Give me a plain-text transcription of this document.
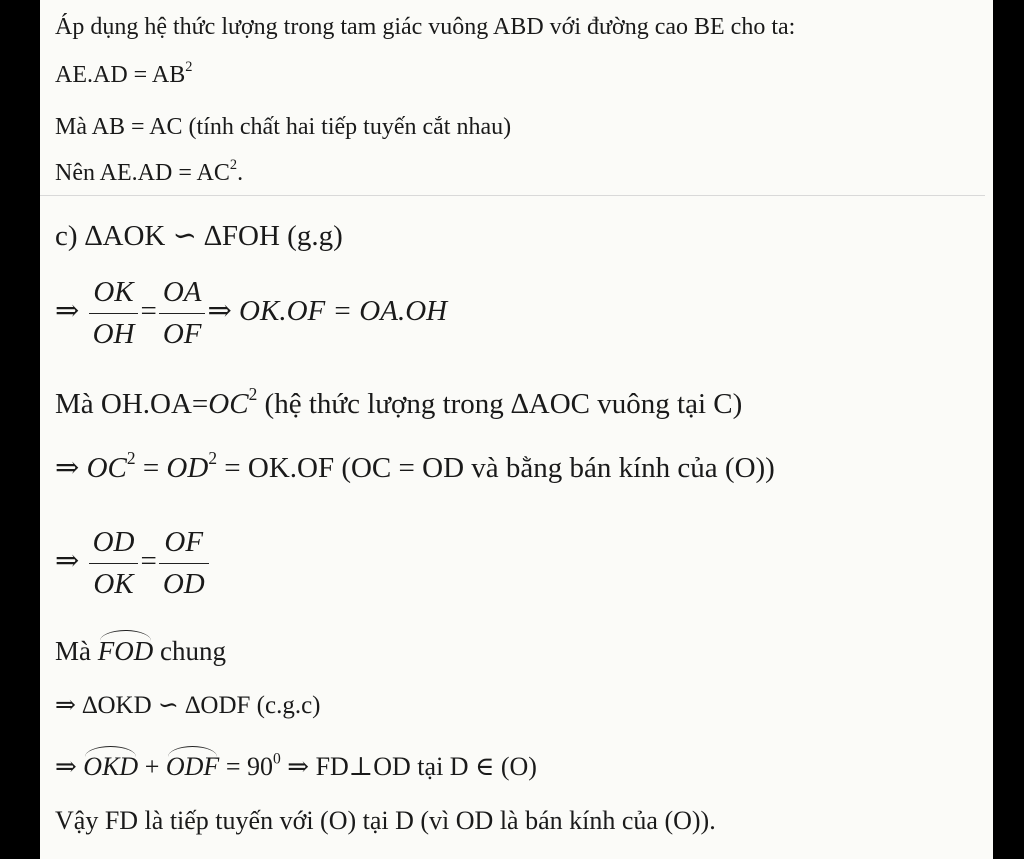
Áp dụng hệ thức lượng trong tam giác vuông ABD với đường cao BE cho ta:
$AE.AD = AB^2$
Mà AB = AC (tính chất hai tiếp tuyến cắt nhau)
Nên $AE.AD = AC^2$.
c) ∆AOK ∽ ∆FOH (g.g)
⇒ $\frac{OK}{OH} = \frac{OA}{OF}$ ⇒ OK.OF = OA.OH
Mà $OH.OA=OC^2$ (hệ thức lượng trong ∆AOC vuông tại C)
⇒ $OC^2 = OD^2 = OK.OF$ (OC = OD và bằng bán kính của (O))
⇒ $\frac{OD}{OK} = \frac{OF}{OD}$
Mà FOD chung
⇒ ∆OKD ∽ ∆ODF (c.g.c)
⇒ OKD + ODF = $90^0$ ⇒ FD⊥OD tại D ∈ (O)
Vậy FD là tiếp tuyến với (O) tại D (vì OD là bán kính của (O)).
